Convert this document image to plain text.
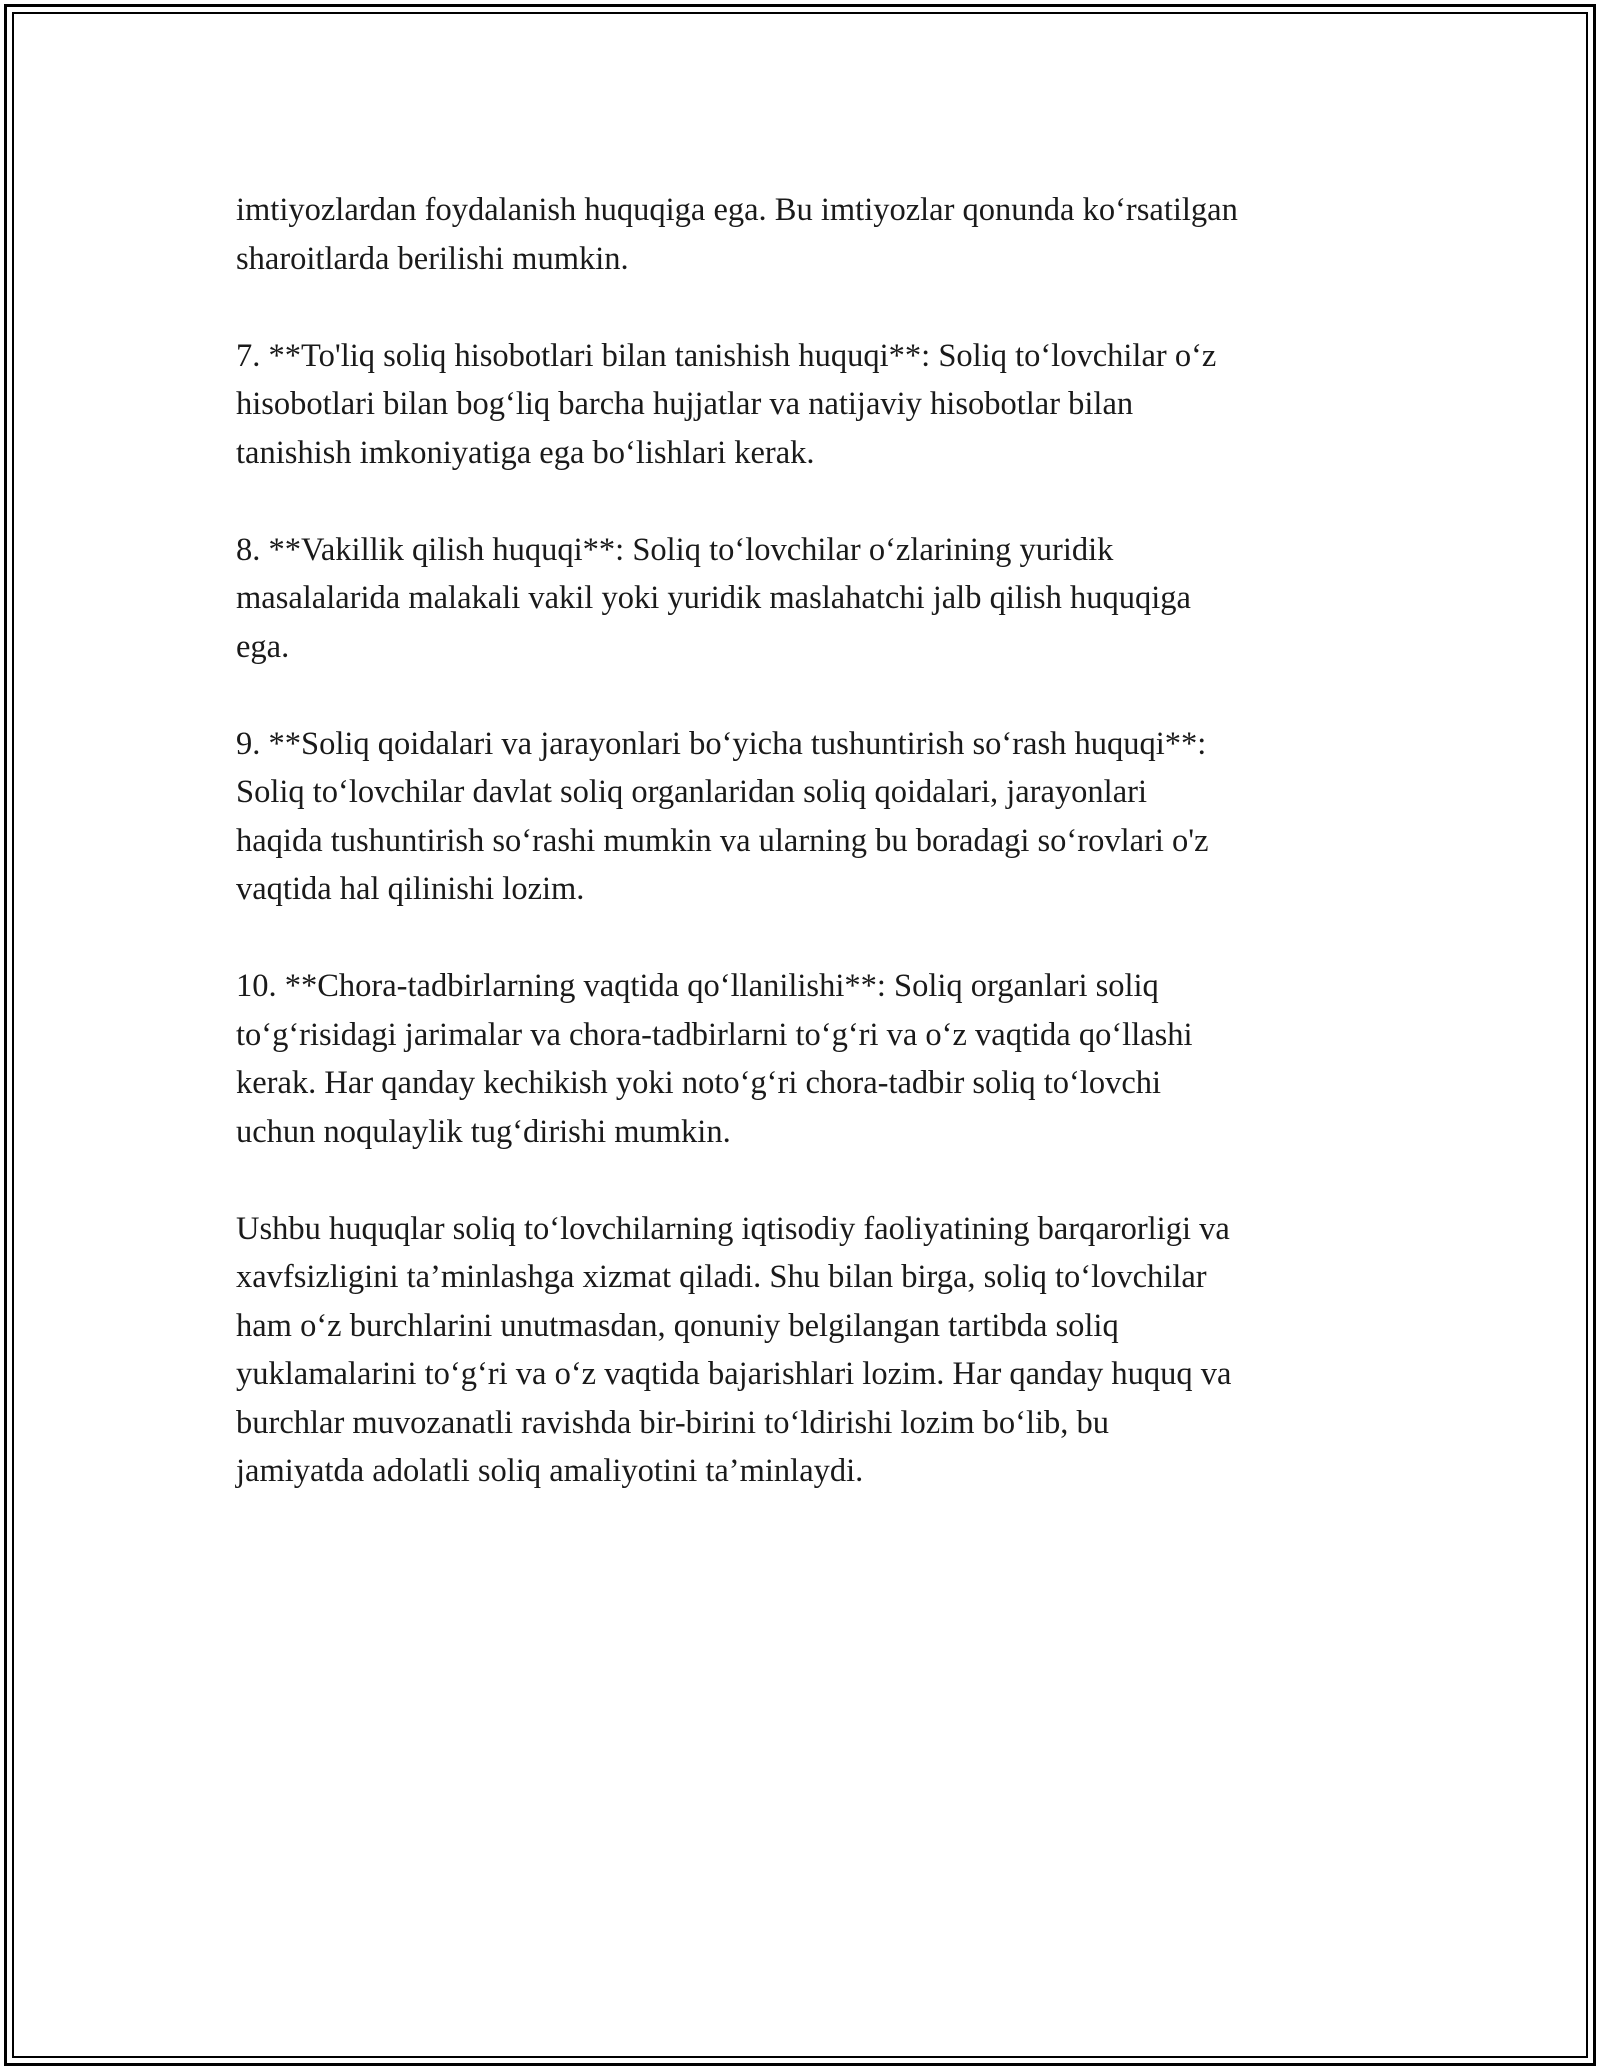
imtiyozlardan foydalanish huquqiga ega. Bu imtiyozlar qonunda ko‘rsatilgan
sharoitlarda berilishi mumkin.

7. **To'liq soliq hisobotlari bilan tanishish huquqi**: Soliq to‘lovchilar o‘z
hisobotlari bilan bog‘liq barcha hujjatlar va natijaviy hisobotlar bilan
tanishish imkoniyatiga ega bo‘lishlari kerak.

8. **Vakillik qilish huquqi**: Soliq to‘lovchilar o‘zlarining yuridik
masalalarida malakali vakil yoki yuridik maslahatchi jalb qilish huquqiga
ega.

9. **Soliq qoidalari va jarayonlari bo‘yicha tushuntirish so‘rash huquqi**:
Soliq to‘lovchilar davlat soliq organlaridan soliq qoidalari, jarayonlari
haqida tushuntirish so‘rashi mumkin va ularning bu boradagi so‘rovlari o'z
vaqtida hal qilinishi lozim.

10. **Chora-tadbirlarning vaqtida qo‘llanilishi**: Soliq organlari soliq
to‘g‘risidagi jarimalar va chora-tadbirlarni to‘g‘ri va o‘z vaqtida qo‘llashi
kerak. Har qanday kechikish yoki noto‘g‘ri chora-tadbir soliq to‘lovchi
uchun noqulaylik tug‘dirishi mumkin.

Ushbu huquqlar soliq to‘lovchilarning iqtisodiy faoliyatining barqarorligi va
xavfsizligini ta’minlashga xizmat qiladi. Shu bilan birga, soliq to‘lovchilar
ham o‘z burchlarini unutmasdan, qonuniy belgilangan tartibda soliq
yuklamalarini to‘g‘ri va o‘z vaqtida bajarishlari lozim. Har qanday huquq va
burchlar muvozanatli ravishda bir-birini to‘ldirishi lozim bo‘lib, bu
jamiyatda adolatli soliq amaliyotini ta’minlaydi.
